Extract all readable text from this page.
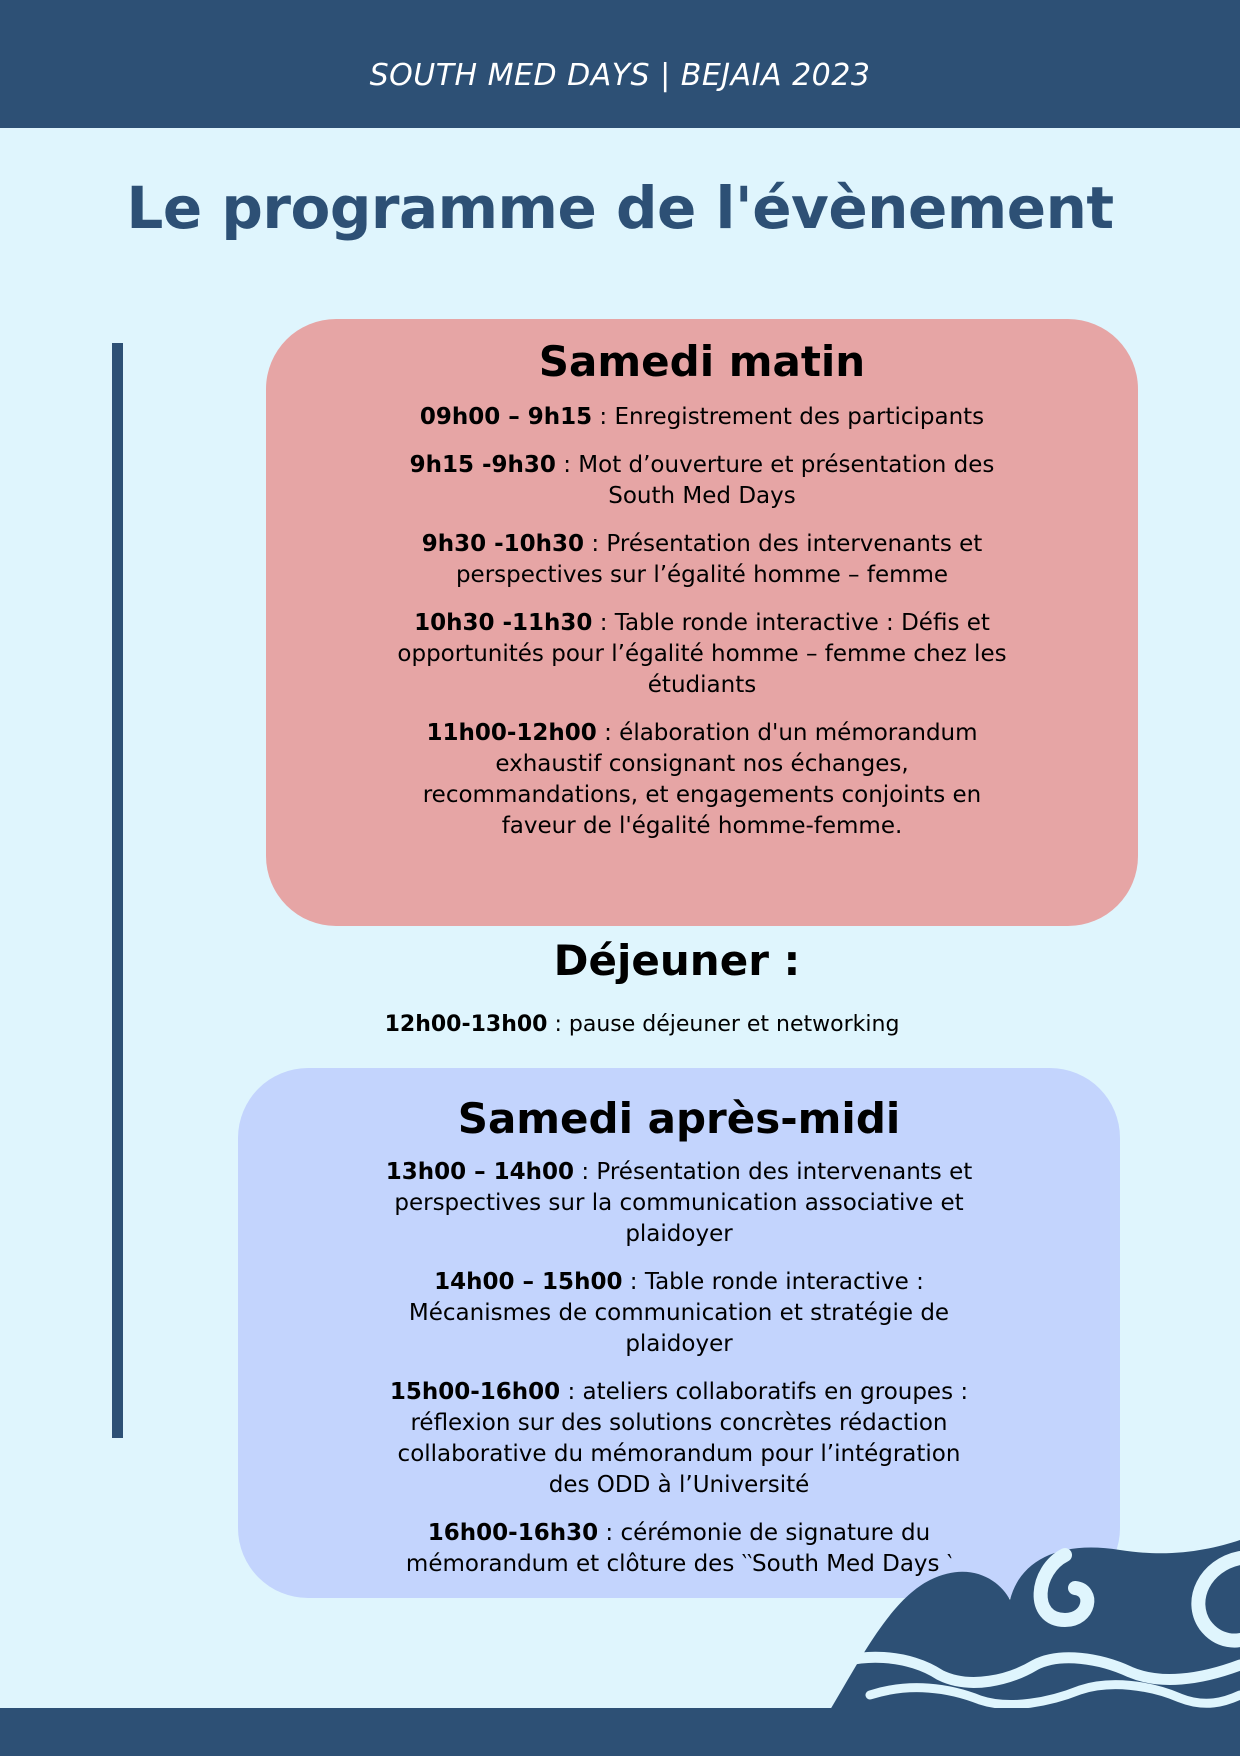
SOUTH MED DAYS | BEJAIA 2023
Le programme de l'évènement
Samedi matin
09h00 – 9h15 : Enregistrement des participants
9h15 -9h30 : Mot d’ouverture et présentation des South Med Days
9h30 -10h30 : Présentation des intervenants et perspectives sur l’égalité homme – femme
10h30 -11h30 : Table ronde interactive : Défis et opportunités pour l’égalité homme – femme chez les étudiants
11h00-12h00 : élaboration d'un mémorandum exhaustif consignant nos échanges, recommandations, et engagements conjoints en faveur de l'égalité homme-femme.
Déjeuner :
12h00-13h00 : pause déjeuner et networking
Samedi après-midi
13h00 – 14h00 : Présentation des intervenants et perspectives sur la communication associative et plaidoyer
14h00 – 15h00 : Table ronde interactive : Mécanismes de communication et stratégie de plaidoyer
15h00-16h00 : ateliers collaboratifs en groupes : réflexion sur des solutions concrètes rédaction collaborative du mémorandum pour l’intégration des ODD à l’Université
16h00-16h30 : cérémonie de signature du mémorandum et clôture des ‵‵South Med Days ‵
